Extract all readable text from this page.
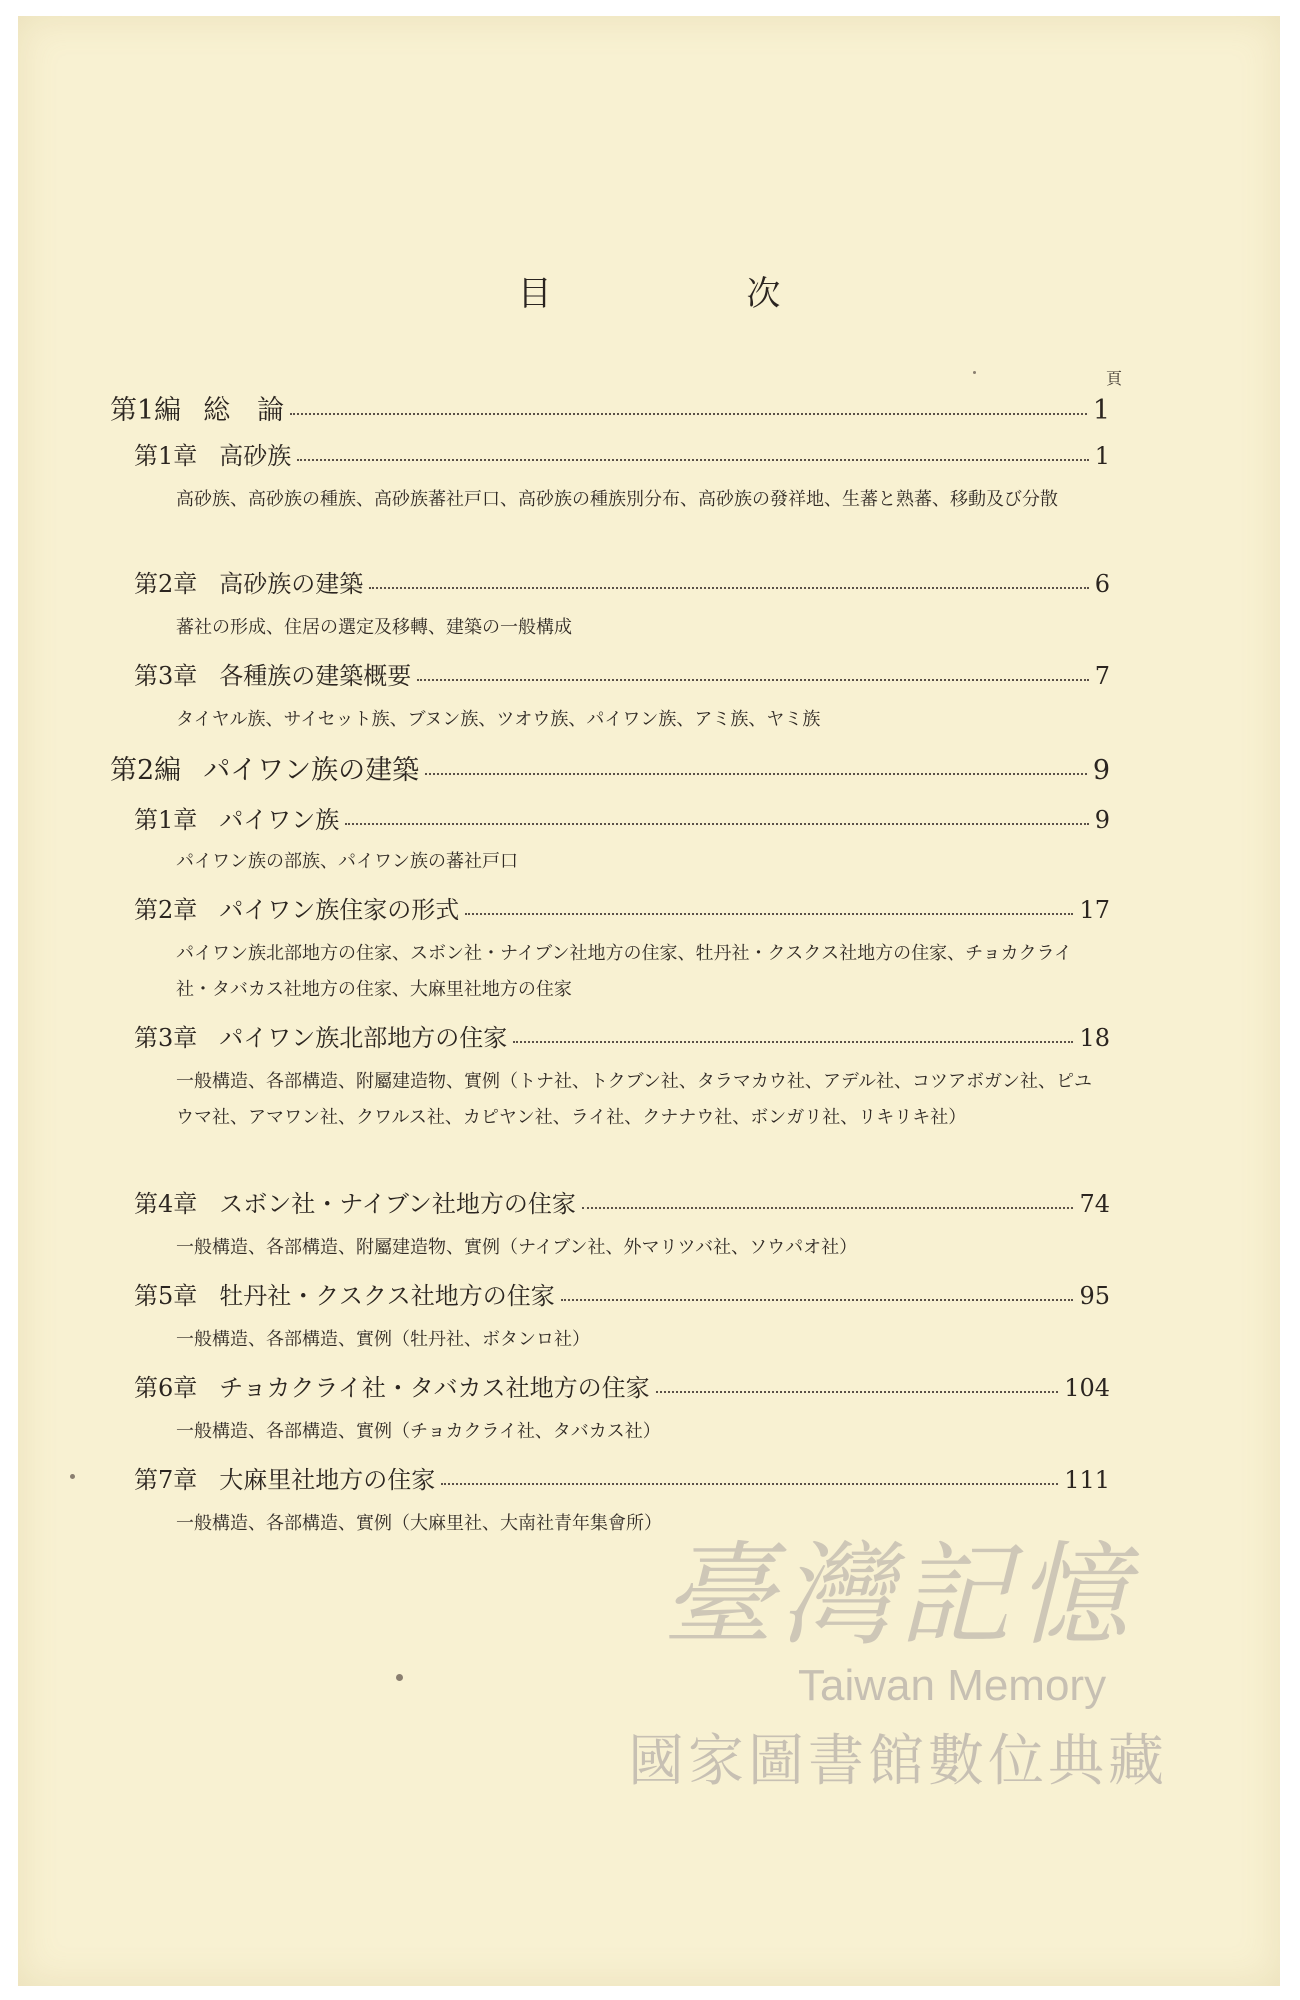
目 次
頁
第1編 総　論	1
第1章 高砂族	1
高砂族、高砂族の種族、高砂族蕃社戸口、高砂族の種族別分布、高砂族の發祥地、生蕃と熟蕃、移動及び分散
第2章 高砂族の建築	6
蕃社の形成、住居の選定及移轉、建築の一般構成
第3章 各種族の建築概要	7
タイヤル族、サイセット族、ブヌン族、ツオウ族、パイワン族、アミ族、ヤミ族
第2編 パイワン族の建築	9
第1章 パイワン族	9
パイワン族の部族、パイワン族の蕃社戸口
第2章 パイワン族住家の形式	17
パイワン族北部地方の住家、スボン社・ナイブン社地方の住家、牡丹社・クスクス社地方の住家、チョカクライ社・タバカス社地方の住家、大麻里社地方の住家
第3章 パイワン族北部地方の住家	18
一般構造、各部構造、附屬建造物、實例（トナ社、トクブン社、タラマカウ社、アデル社、コツアボガン社、ピユウマ社、アマワン社、クワルス社、カピヤン社、ライ社、クナナウ社、ボンガリ社、リキリキ社）
第4章 スボン社・ナイブン社地方の住家	74
一般構造、各部構造、附屬建造物、實例（ナイブン社、外マリツバ社、ソウパオ社）
第5章 牡丹社・クスクス社地方の住家	95
一般構造、各部構造、實例（牡丹社、ボタンロ社）
第6章 チョカクライ社・タバカス社地方の住家	104
一般構造、各部構造、實例（チョカクライ社、タバカス社）
第7章 大麻里社地方の住家	111
一般構造、各部構造、實例（大麻里社、大南社青年集會所）
臺灣記憶
Taiwan Memory
國家圖書館數位典藏
